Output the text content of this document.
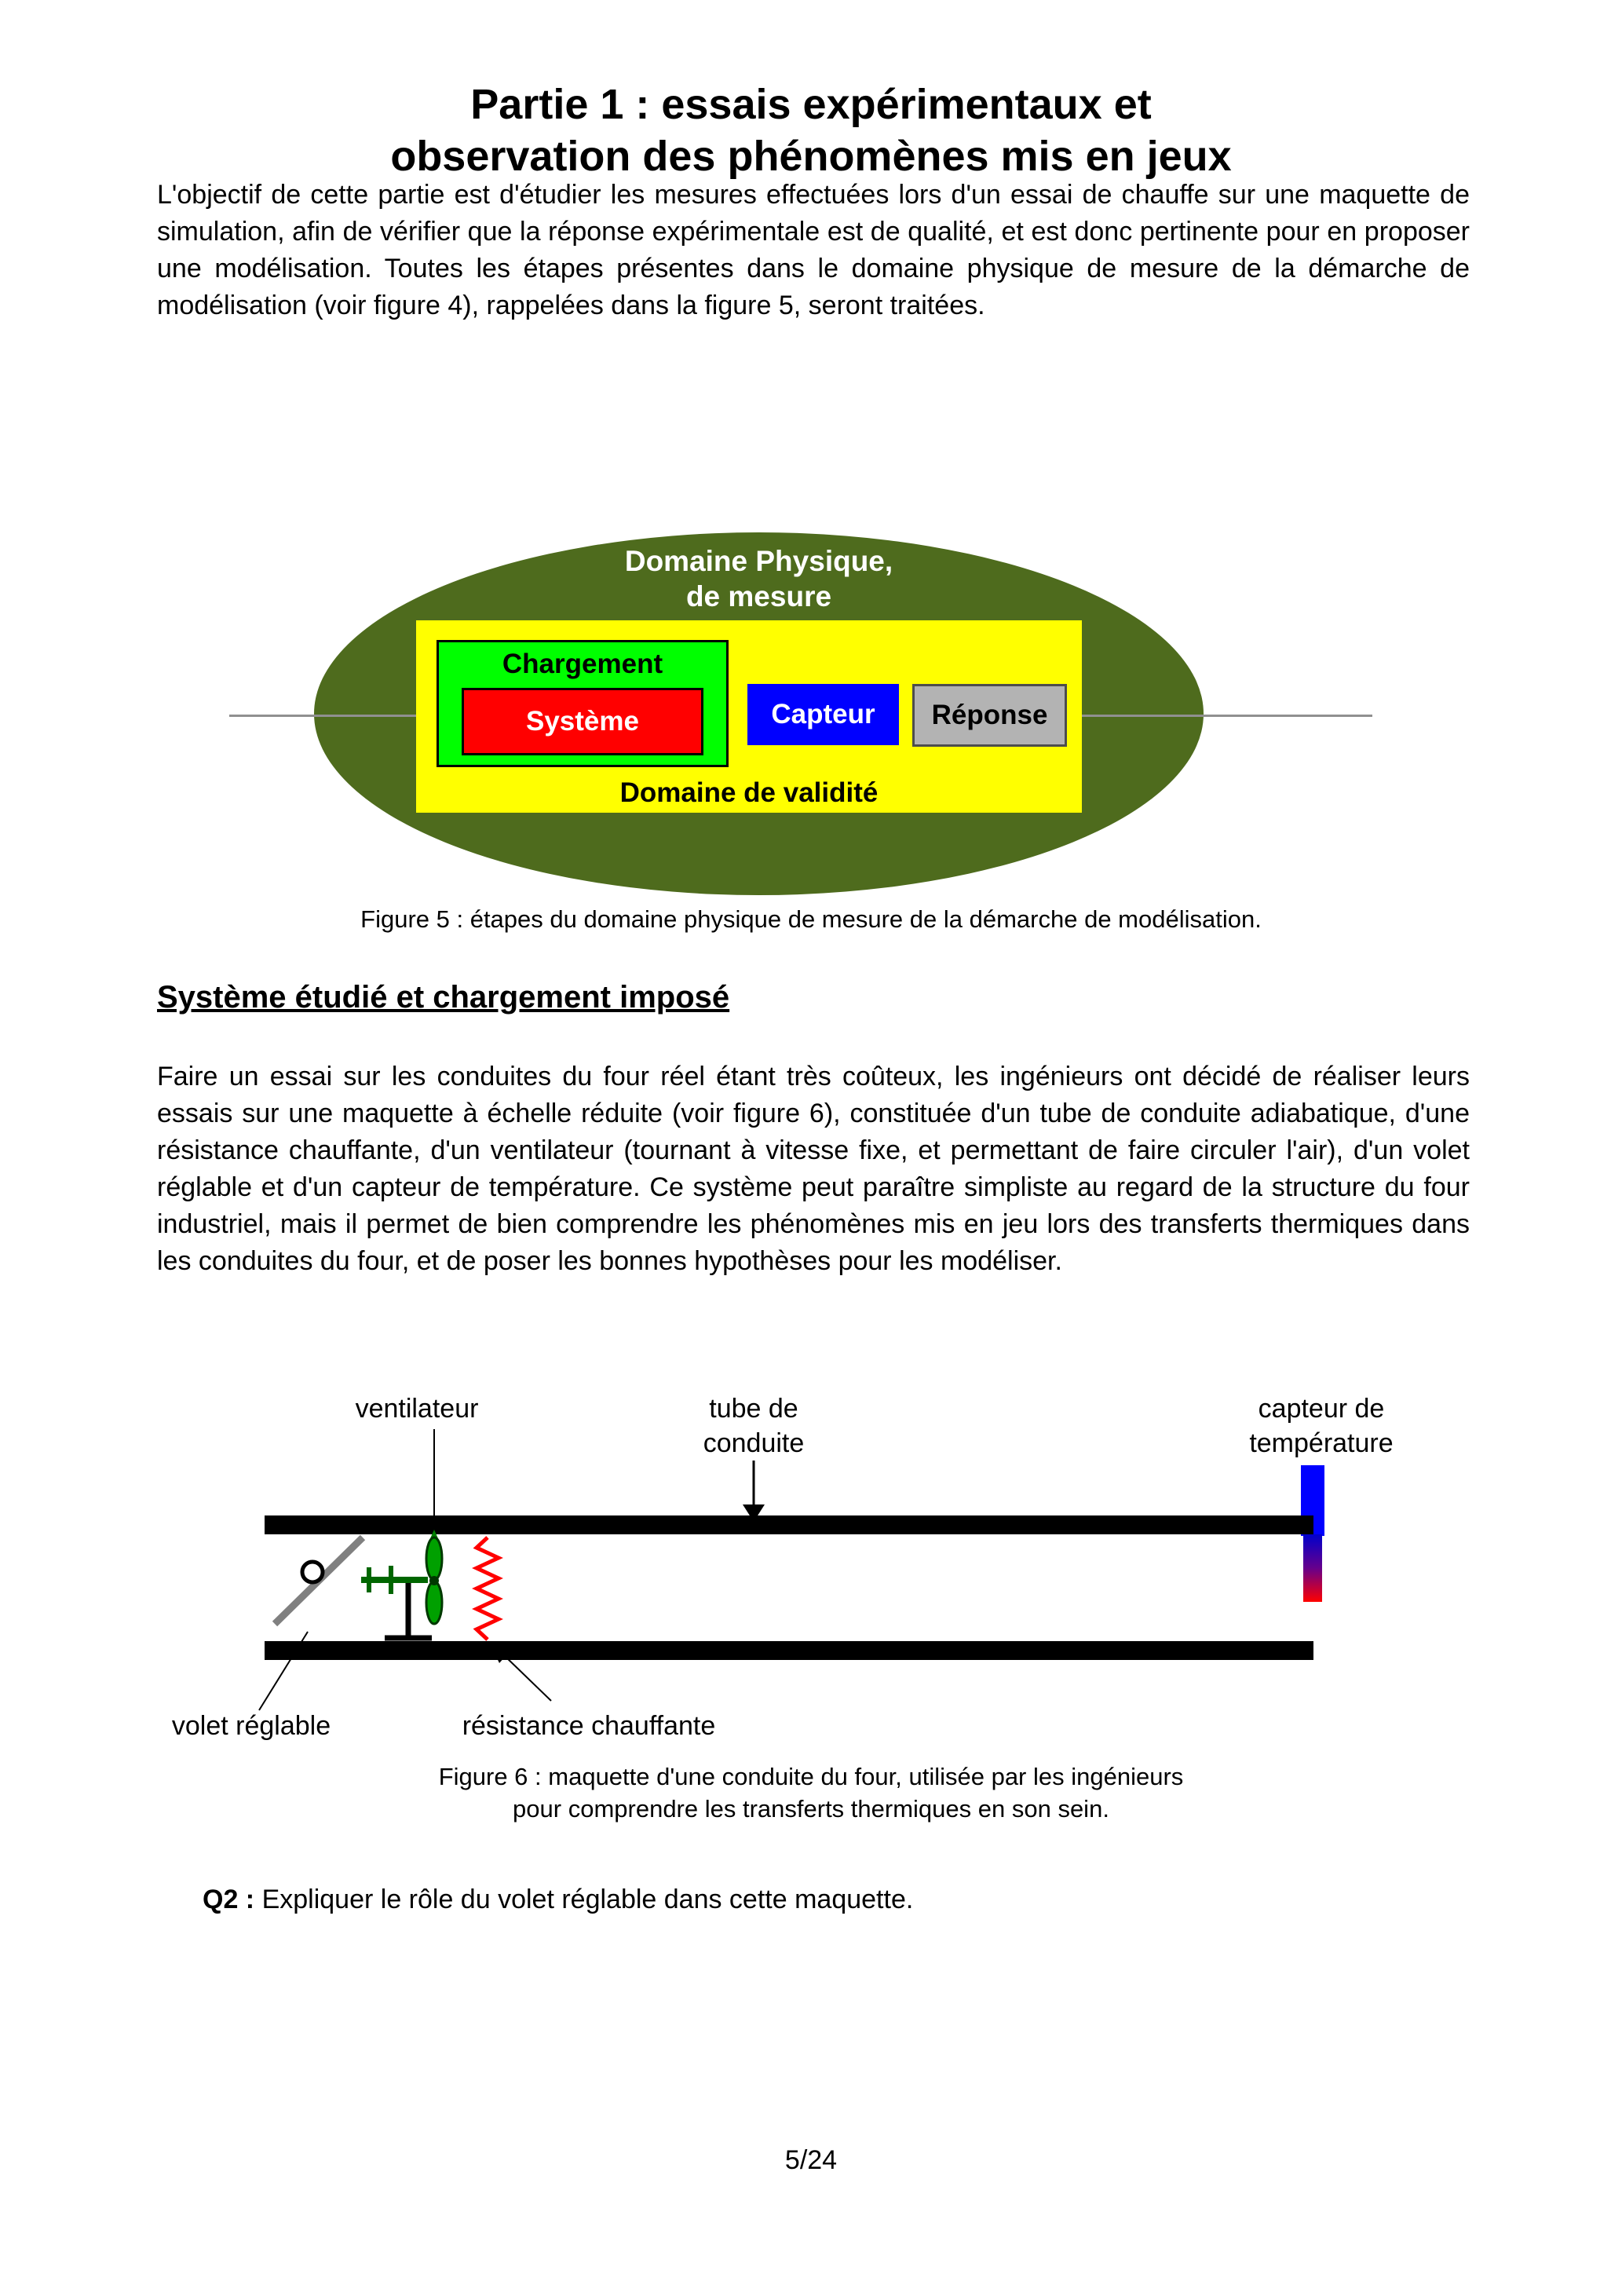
Partie 1 : essais expérimentaux et
observation des phénomènes mis en jeux
L'objectif de cette partie est d'étudier les mesures effectuées lors d'un essai de chauffe sur une maquette de simulation, afin de vérifier que la réponse expérimentale est de qualité, et est donc pertinente pour en proposer une modélisation. Toutes les étapes présentes dans le domaine physique de mesure de la démarche de modélisation (voir figure 4), rappelées dans la figure 5, seront traitées.
Domaine Physique,
de mesure
Chargement
Système	Capteur Réponse
Domaine de validité
Figure 5 : étapes du domaine physique de mesure de la démarche de modélisation.
Système étudié et chargement imposé
Faire un essai sur les conduites du four réel étant très coûteux, les ingénieurs ont décidé de réaliser leurs essais sur une maquette à échelle réduite (voir figure 6), constituée d'un tube de conduite adiabatique, d'une résistance chauffante, d'un ventilateur (tournant à vitesse fixe, et permettant de faire circuler l'air), d'un volet réglable et d'un capteur de température. Ce système peut paraître simpliste au regard de la structure du four industriel, mais il permet de bien comprendre les phénomènes mis en jeu lors des transferts thermiques dans les conduites du four, et de poser les bonnes hypothèses pour les modéliser.
ventilateur	tube de
conduite
capteur de
température
volet réglable	résistance chauffante
Figure 6 : maquette d'une conduite du four, utilisée par les ingénieurs
pour comprendre les transferts thermiques en son sein.
Q2 : Expliquer le rôle du volet réglable dans cette maquette.
5/24
